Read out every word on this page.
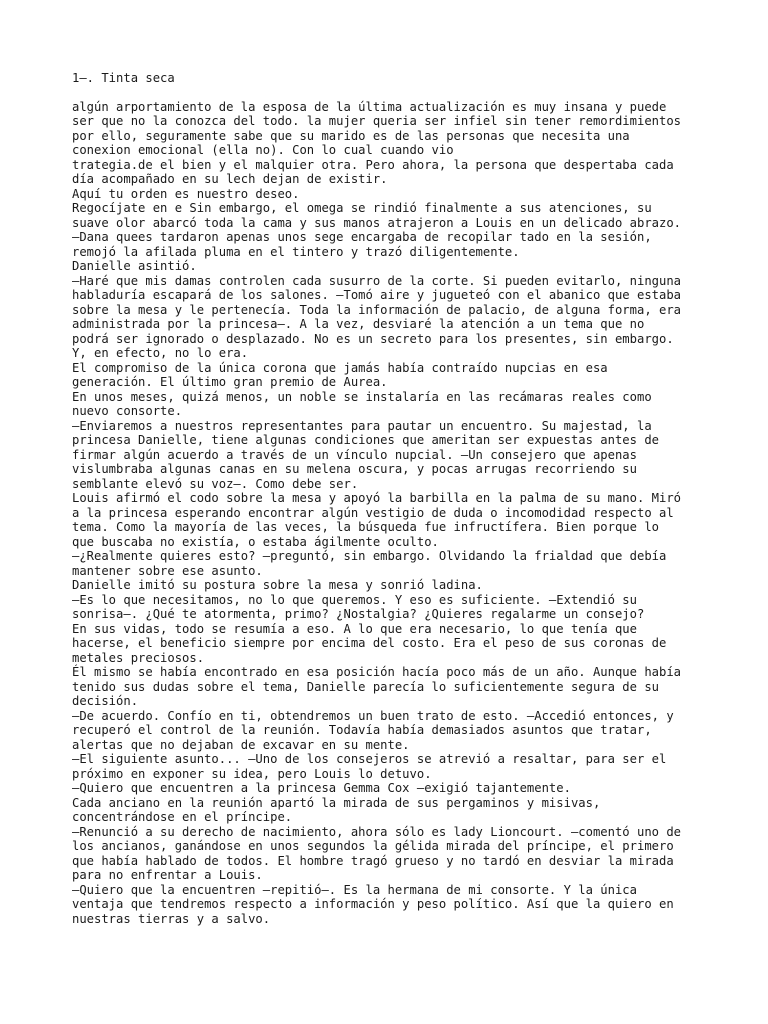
1—. Tinta seca
algún arportamiento de la esposa de la última actualización es muy insana y puede
ser que no la conozca del todo. la mujer queria ser infiel sin tener remordimientos
por ello, seguramente sabe que su marido es de las personas que necesita una
conexion emocional (ella no). Con lo cual cuando vio
trategia.de el bien y el malquier otra. Pero ahora, la persona que despertaba cada
día acompañado en su lech dejan de existir.
Aquí tu orden es nuestro deseo.
Regocíjate en e Sin embargo, el omega se rindió finalmente a sus atenciones, su
suave olor abarcó toda la cama y sus manos atrajeron a Louis en un delicado abrazo.
—Dana quees tardaron apenas unos sege encargaba de recopilar tado en la sesión,
remojó la afilada pluma en el tintero y trazó diligentemente.
Danielle asintió.
—Haré que mis damas controlen cada susurro de la corte. Si pueden evitarlo, ninguna
habladuría escapará de los salones. —Tomó aire y jugueteó con el abanico que estaba
sobre la mesa y le pertenecía. Toda la información de palacio, de alguna forma, era
administrada por la princesa—. A la vez, desviaré la atención a un tema que no
podrá ser ignorado o desplazado. No es un secreto para los presentes, sin embargo.
Y, en efecto, no lo era.
El compromiso de la única corona que jamás había contraído nupcias en esa
generación. El último gran premio de Aurea.
En unos meses, quizá menos, un noble se instalaría en las recámaras reales como
nuevo consorte.
—Enviaremos a nuestros representantes para pautar un encuentro. Su majestad, la
princesa Danielle, tiene algunas condiciones que ameritan ser expuestas antes de
firmar algún acuerdo a través de un vínculo nupcial. —Un consejero que apenas
vislumbraba algunas canas en su melena oscura, y pocas arrugas recorriendo su
semblante elevó su voz—. Como debe ser.
Louis afirmó el codo sobre la mesa y apoyó la barbilla en la palma de su mano. Miró
a la princesa esperando encontrar algún vestigio de duda o incomodidad respecto al
tema. Como la mayoría de las veces, la búsqueda fue infructífera. Bien porque lo
que buscaba no existía, o estaba ágilmente oculto.
—¿Realmente quieres esto? —preguntó, sin embargo. Olvidando la frialdad que debía
mantener sobre ese asunto.
Danielle imitó su postura sobre la mesa y sonrió ladina.
—Es lo que necesitamos, no lo que queremos. Y eso es suficiente. —Extendió su
sonrisa—. ¿Qué te atormenta, primo? ¿Nostalgia? ¿Quieres regalarme un consejo?
En sus vidas, todo se resumía a eso. A lo que era necesario, lo que tenía que
hacerse, el beneficio siempre por encima del costo. Era el peso de sus coronas de
metales preciosos.
Él mismo se había encontrado en esa posición hacía poco más de un año. Aunque había
tenido sus dudas sobre el tema, Danielle parecía lo suficientemente segura de su
decisión.
—De acuerdo. Confío en ti, obtendremos un buen trato de esto. —Accedió entonces, y
recuperó el control de la reunión. Todavía había demasiados asuntos que tratar,
alertas que no dejaban de excavar en su mente.
—El siguiente asunto... —Uno de los consejeros se atrevió a resaltar, para ser el
próximo en exponer su idea, pero Louis lo detuvo.
—Quiero que encuentren a la princesa Gemma Cox —exigió tajantemente.
Cada anciano en la reunión apartó la mirada de sus pergaminos y misivas,
concentrándose en el príncipe.
—Renunció a su derecho de nacimiento, ahora sólo es lady Lioncourt. —comentó uno de
los ancianos, ganándose en unos segundos la gélida mirada del príncipe, el primero
que había hablado de todos. El hombre tragó grueso y no tardó en desviar la mirada
para no enfrentar a Louis.
—Quiero que la encuentren —repitió—. Es la hermana de mi consorte. Y la única
ventaja que tendremos respecto a información y peso político. Así que la quiero en
nuestras tierras y a salvo.
